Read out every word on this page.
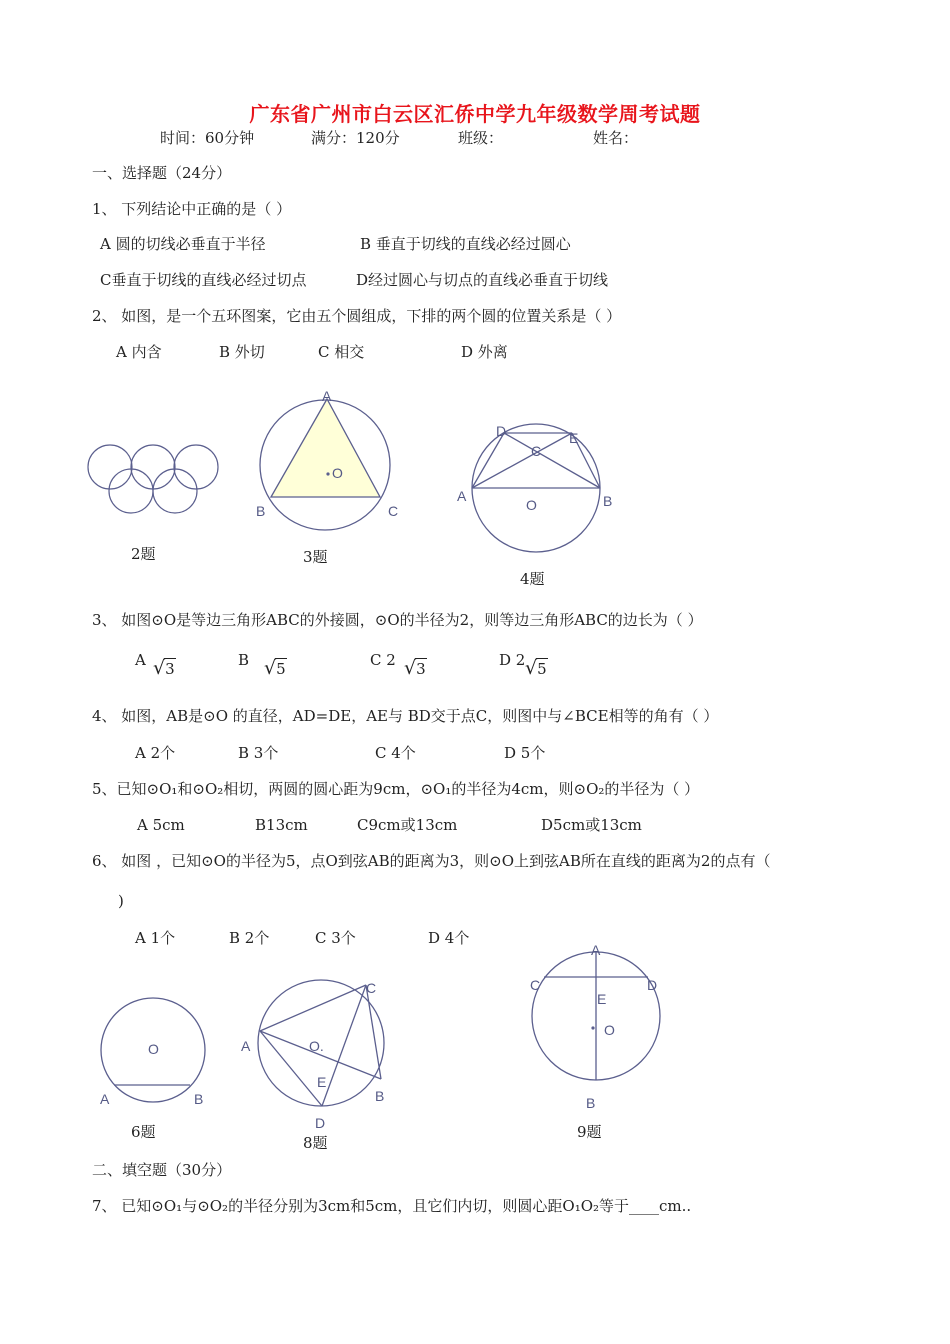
广东省广州市白云区汇侨中学九年级数学周考试题
时间：60分钟	满分：120分	班级：	姓名：
一、选择题（24分）
1、 下列结论中正确的是（ ）
A 圆的切线必垂直于半径	B 垂直于切线的直线必经过圆心
C垂直于切线的直线必经过切点	D经过圆心与切点的直线必垂直于切线
2、 如图，是一个五环图案，它由五个圆组成，下排的两个圆的位置关系是（ ）
A 内含	B 外切	C 相交	D 外离
2题
A
O
B	C
3题
D
C
E
A
O	B
4题
3、 如图⊙O是等边三角形ABC的外接圆，⊙O的半径为2，则等边三角形ABC的边长为（ ）
A √3	B √5	C 2 √3	D 2 √5
4、 如图，AB是⊙O 的直径，AD=DE，AE与 BD交于点C，则图中与∠BCE相等的角有（ ）
A 2个	B 3个	C 4个	D 5个
5、已知⊙O₁和⊙O₂相切，两圆的圆心距为9cm，⊙O₁的半径为4cm，则⊙O₂的半径为（ ）
A 5cm	B13cm	C9cm或13cm	D5cm或13cm
6、 如图 ，已知⊙O的半径为5，点O到弦AB的距离为3，则⊙O上到弦AB所在直线的距离为2的点有（
)
A 1个	B 2个	C 3个	D 4个
O
A	B
6题
C
A	O.
E
B
D
8题
A
C	D
E
O
B
9题
二、填空题（30分）
7、 已知⊙O₁与⊙O₂的半径分别为3cm和5cm，且它们内切，则圆心距O₁O₂等于____cm..
